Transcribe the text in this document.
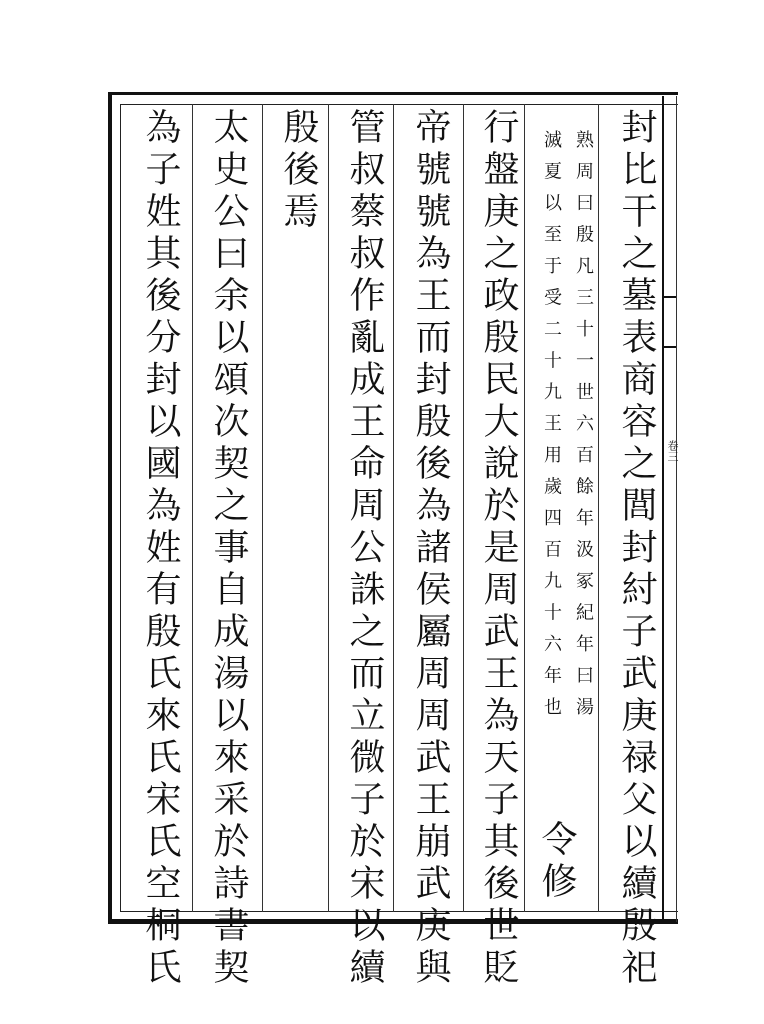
卷三
封比干之墓表商容之閭封紂子武庚禄父以續殷祀
熟周曰殷凡三十一世六百餘年汲冢紀年曰湯
滅夏以至于受二十九王用歲四百九十六年也
令修
行盤庚之政殷民大說於是周武王為天子其後世貶
帝號號為王而封殷後為諸侯屬周周武王崩武庚與
管叔蔡叔作亂成王命周公誅之而立微子於宋以續
殷後焉
太史公曰余以頌次契之事自成湯以來采於詩書契
為子姓其後分封以國為姓有殷氏來氏宋氏空桐氏
